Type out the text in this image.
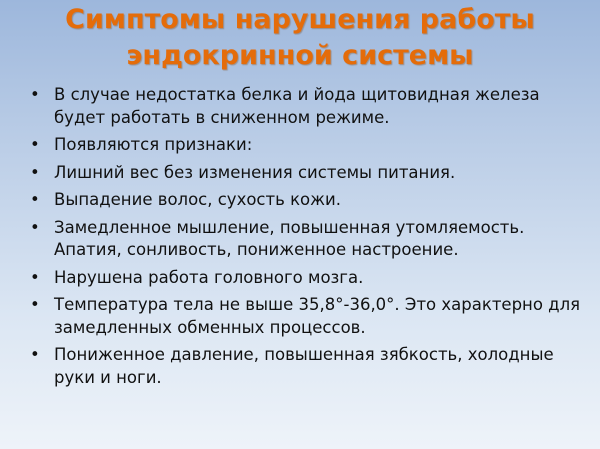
Симптомы нарушения работы
эндокринной системы
• В случае недостатка белка и йода щитовидная железа будет работать в сниженном режиме.
• Появляются признаки:
• Лишний вес без изменения системы питания.
• Выпадение волос, сухость кожи.
• Замедленное мышление, повышенная утомляемость. Апатия, сонливость, пониженное настроение.
• Нарушена работа головного мозга.
• Температура тела не выше 35,8°-36,0°. Это характерно для замедленных обменных процессов.
• Пониженное давление, повышенная зябкость, холодные руки и ноги.
